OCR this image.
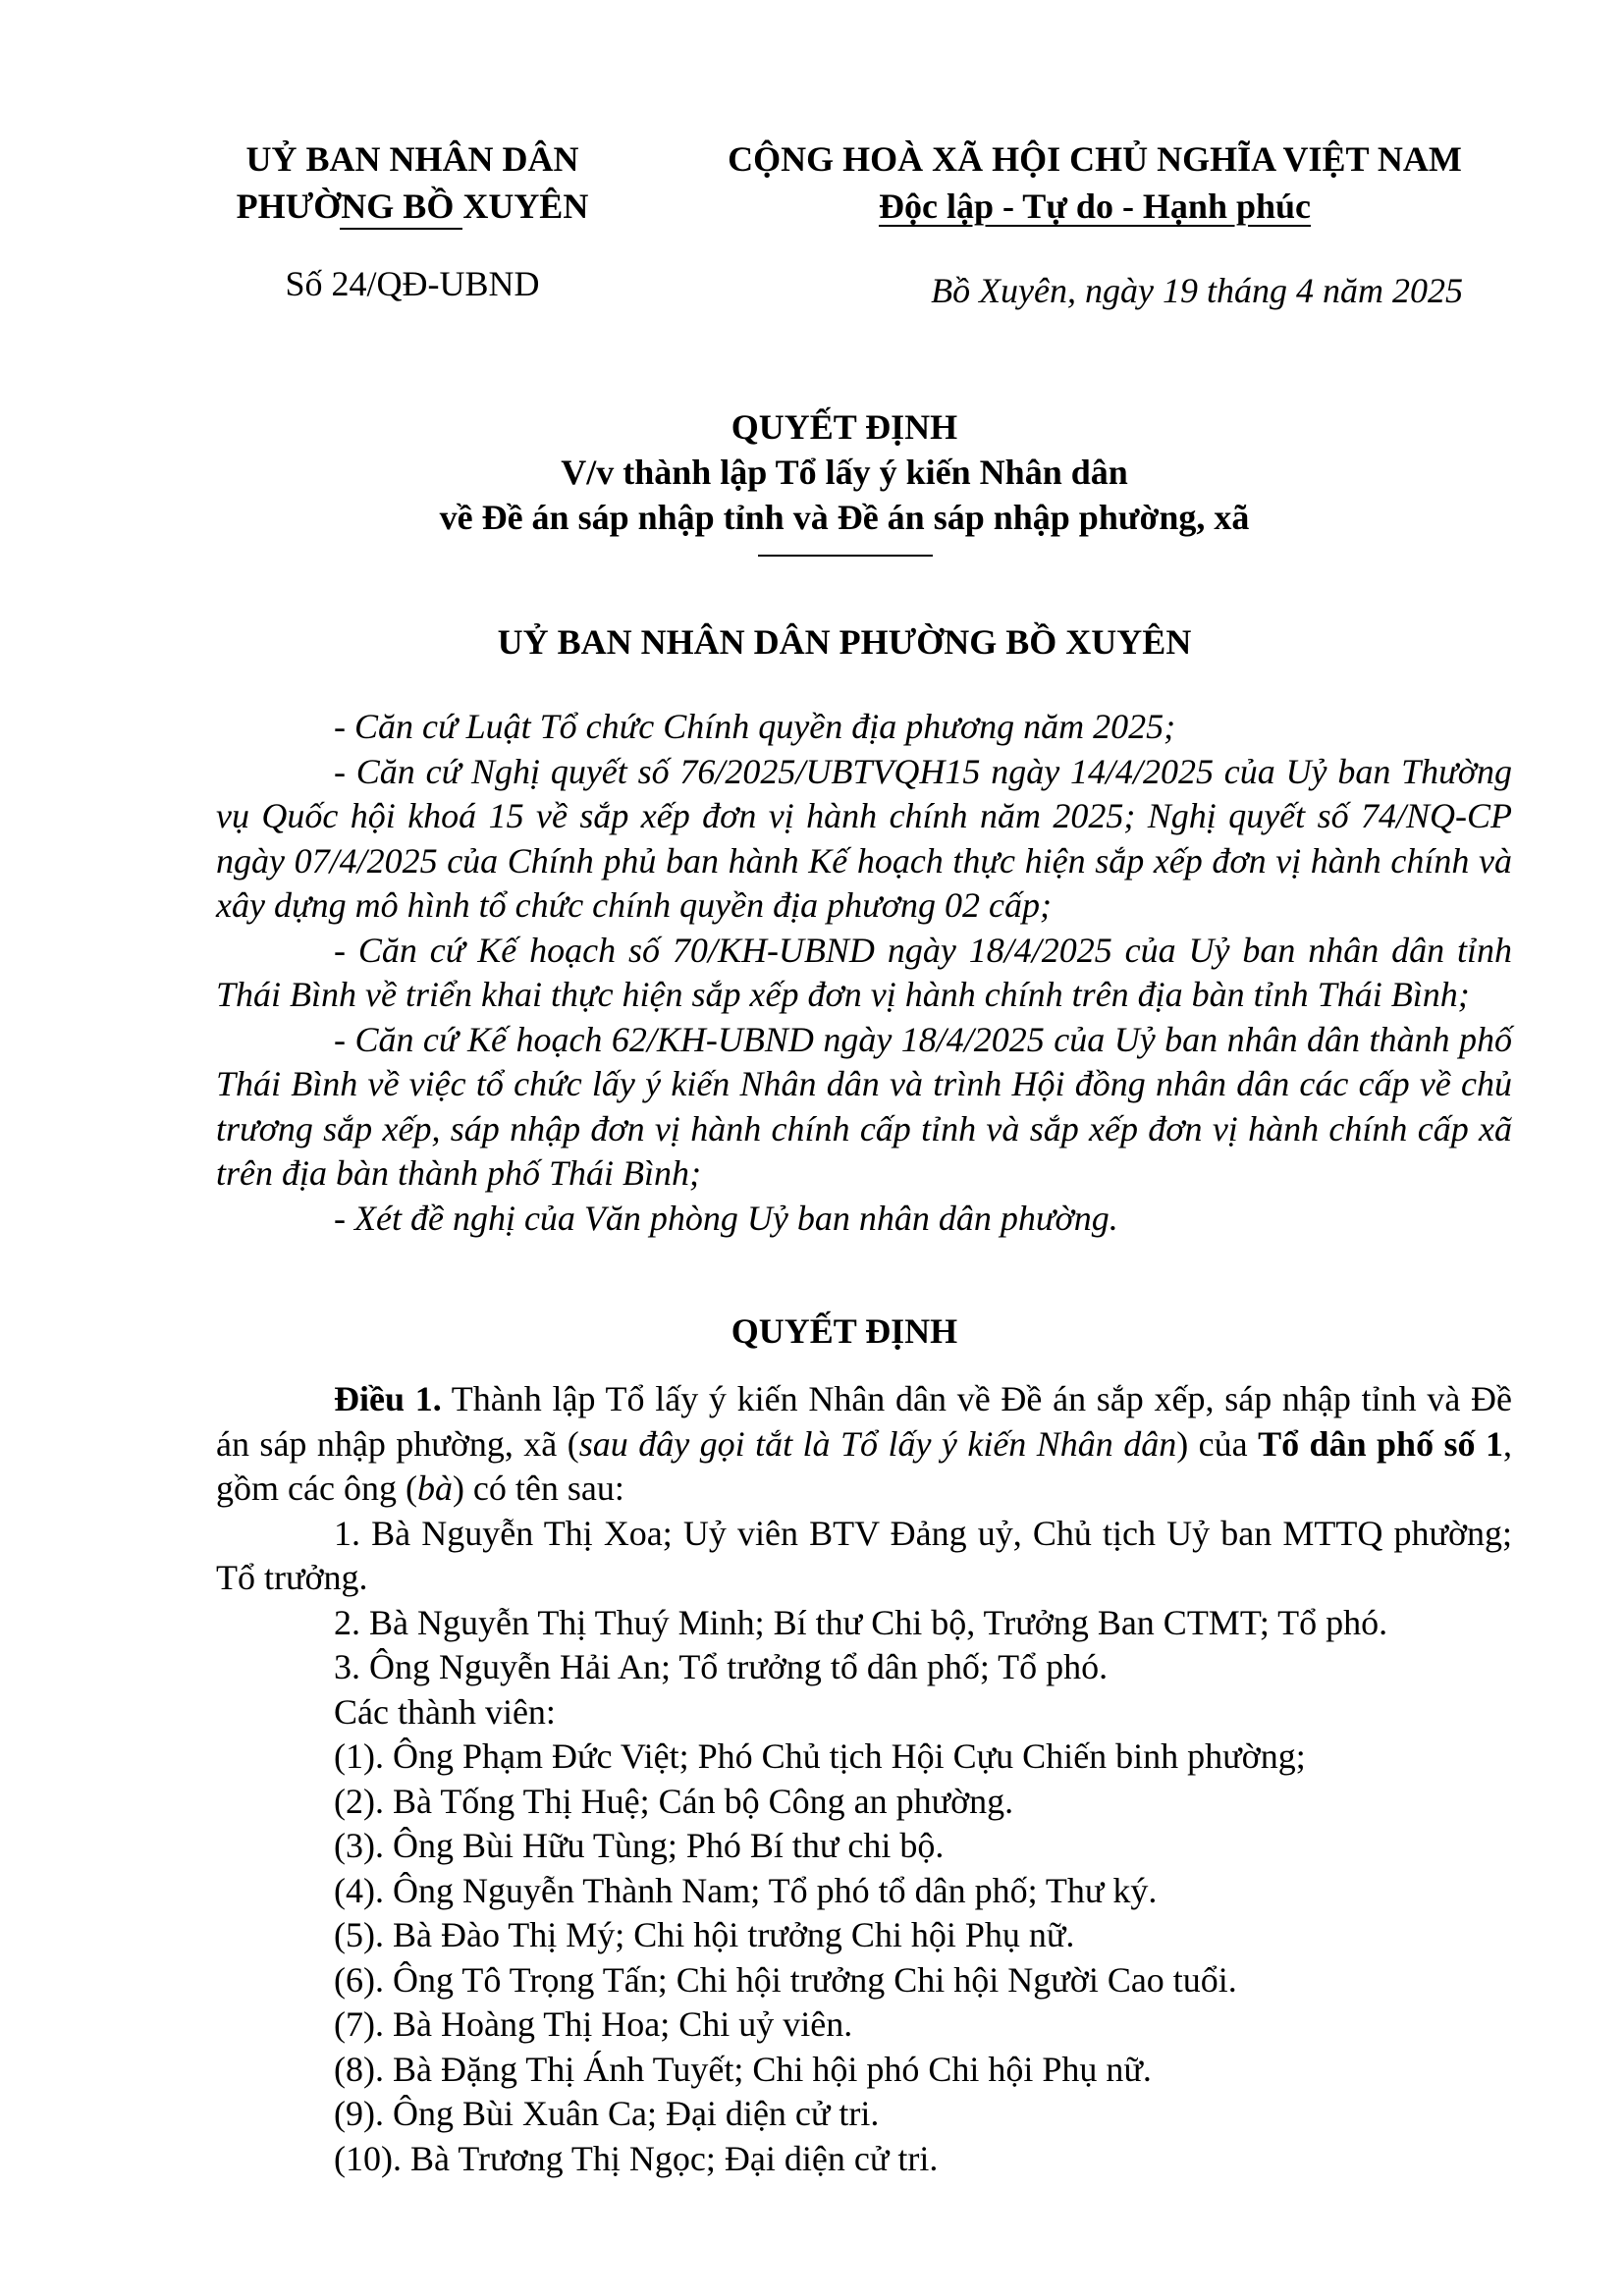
UỶ BAN NHÂN DÂN
PHƯỜNG BỒ XUYÊN
CỘNG HOÀ XÃ HỘI CHỦ NGHĨA VIỆT NAM
Độc lập - Tự do - Hạnh phúc
Số 24/QĐ-UBND	Bồ Xuyên, ngày 19 tháng 4 năm 2025
QUYẾT ĐỊNH
V/v thành lập Tổ lấy ý kiến Nhân dân
về Đề án sáp nhập tỉnh và Đề án sáp nhập phường, xã
UỶ BAN NHÂN DÂN PHƯỜNG BỒ XUYÊN

- Căn cứ Luật Tổ chức Chính quyền địa phương năm 2025;

- Căn cứ Nghị quyết số 76/2025/UBTVQH15 ngày 14/4/2025 của Uỷ ban Thường vụ Quốc hội khoá 15 về sắp xếp đơn vị hành chính năm 2025; Nghị quyết số 74/NQ-CP ngày 07/4/2025 của Chính phủ ban hành Kế hoạch thực hiện sắp xếp đơn vị hành chính và xây dựng mô hình tổ chức chính quyền địa phương 02 cấp;

- Căn cứ Kế hoạch số 70/KH-UBND ngày 18/4/2025 của Uỷ ban nhân dân tỉnh Thái Bình về triển khai thực hiện sắp xếp đơn vị hành chính trên địa bàn tỉnh Thái Bình;

- Căn cứ Kế hoạch 62/KH-UBND ngày 18/4/2025 của Uỷ ban nhân dân thành phố Thái Bình về việc tổ chức lấy ý kiến Nhân dân và trình Hội đồng nhân dân các cấp về chủ trương sắp xếp, sáp nhập đơn vị hành chính cấp tỉnh và sắp xếp đơn vị hành chính cấp xã trên địa bàn thành phố Thái Bình;

- Xét đề nghị của Văn phòng Uỷ ban nhân dân phường.

QUYẾT ĐỊNH

Điều 1. Thành lập Tổ lấy ý kiến Nhân dân về Đề án sắp xếp, sáp nhập tỉnh và Đề án sáp nhập phường, xã (sau đây gọi tắt là Tổ lấy ý kiến Nhân dân) của Tổ dân phố số 1, gồm các ông (bà) có tên sau:

1. Bà Nguyễn Thị Xoa; Uỷ viên BTV Đảng uỷ, Chủ tịch Uỷ ban MTTQ phường; Tổ trưởng.

2. Bà Nguyễn Thị Thuý Minh; Bí thư Chi bộ, Trưởng Ban CTMT; Tổ phó.

3. Ông Nguyễn Hải An; Tổ trưởng tổ dân phố; Tổ phó.

Các thành viên:

(1). Ông Phạm Đức Việt; Phó Chủ tịch Hội Cựu Chiến binh phường;

(2). Bà Tống Thị Huệ; Cán bộ Công an phường.

(3). Ông Bùi Hữu Tùng; Phó Bí thư chi bộ.

(4). Ông Nguyễn Thành Nam; Tổ phó tổ dân phố; Thư ký.

(5). Bà Đào Thị Mý; Chi hội trưởng Chi hội Phụ nữ.

(6). Ông Tô Trọng Tấn; Chi hội trưởng Chi hội Người Cao tuổi.

(7). Bà Hoàng Thị Hoa; Chi uỷ viên.

(8). Bà Đặng Thị Ánh Tuyết; Chi hội phó Chi hội Phụ nữ.

(9). Ông Bùi Xuân Ca; Đại diện cử tri.

(10). Bà Trương Thị Ngọc; Đại diện cử tri.
